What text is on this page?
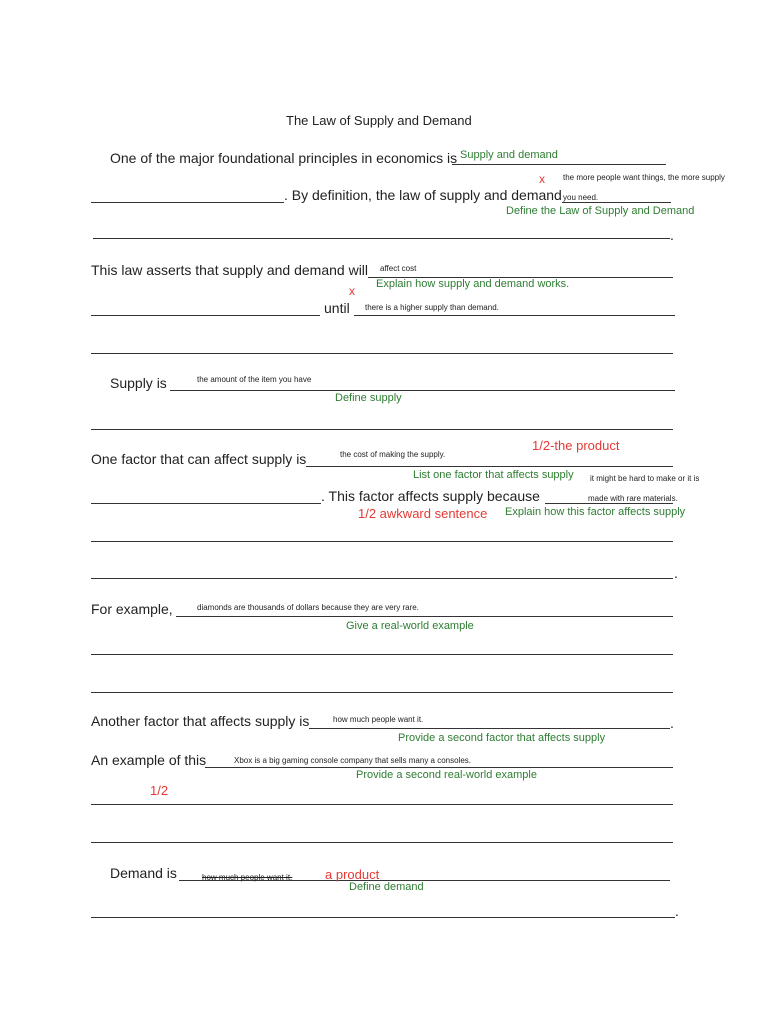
The Law of Supply and Demand
One of the major foundational principles in economics is Supply and demand
x the more people want things, the more supply
. By definition, the law of supply and demand you need.
Define the Law of Supply and Demand
.
This law asserts that supply and demand will affect cost
x Explain how supply and demand works.
until there is a higher supply than demand.
Supply is	the amount of the item you have
Define supply
1/2-the product
One factor that can affect supply is	the cost of making the supply.
List one factor that affects supply it might be hard to make or it is
. This factor affects supply because	made with rare materials.
1/2 awkward sentence Explain how this factor affects supply
.
For example,	diamonds are thousands of dollars because they are very rare.
Give a real-world example
Another factor that affects supply is	how much people want it.	.
Provide a second factor that affects supply
An example of this	Xbox is a big gaming console company that sells many a consoles.
Provide a second real-world example
1/2
Demand is	how much people want it.	a product
Define demand
.
